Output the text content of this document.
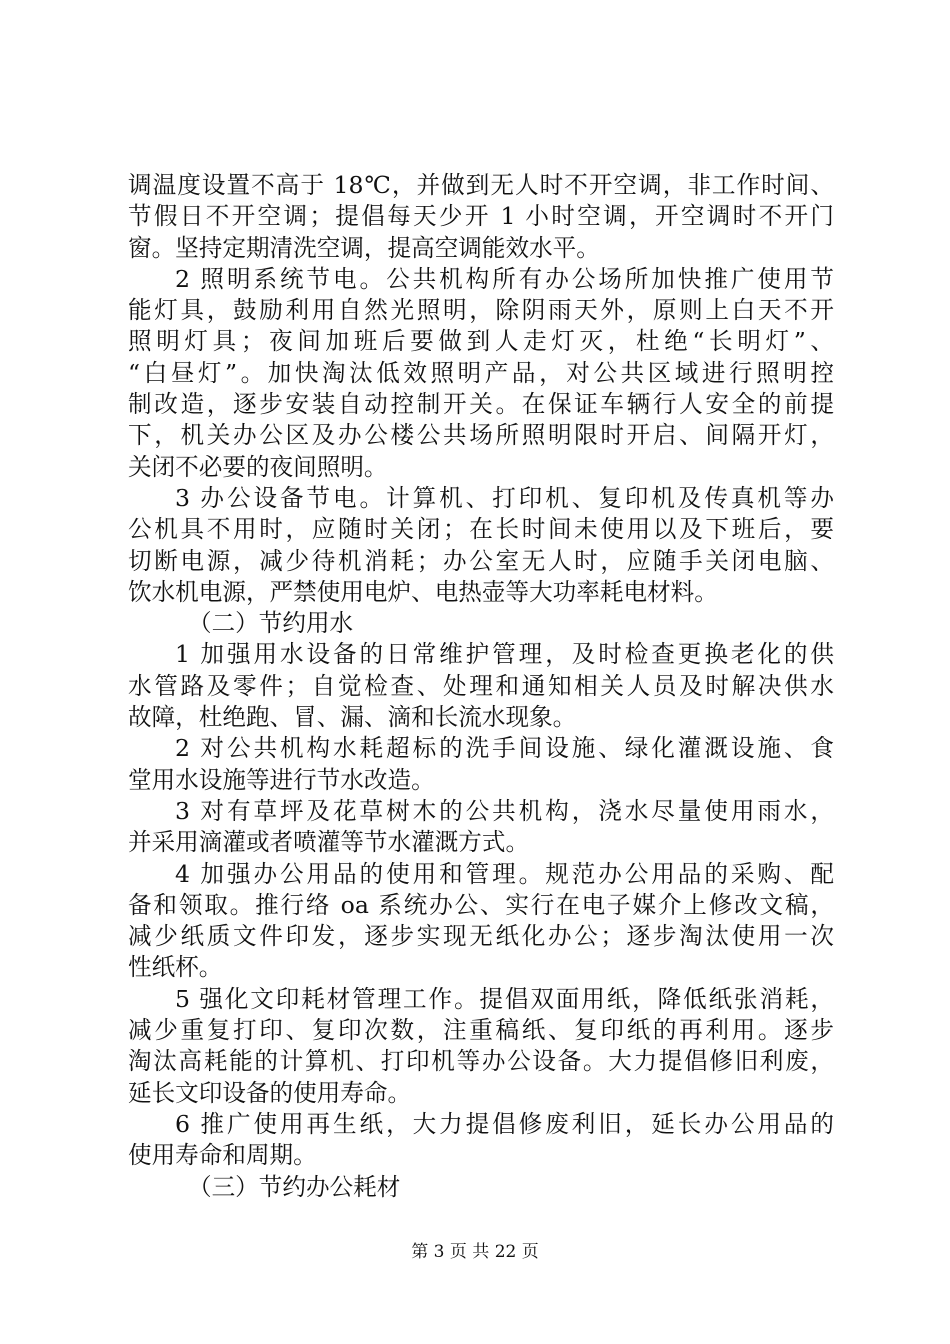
调温度设置不高于 18℃，并做到无人时不开空调，非工作时间、
节假日不开空调；提倡每天少开 1 小时空调，开空调时不开门
窗。坚持定期清洗空调，提高空调能效水平。
2 照明系统节电。公共机构所有办公场所加快推广使用节
能灯具，鼓励利用自然光照明，除阴雨天外，原则上白天不开
照明灯具；夜间加班后要做到人走灯灭，杜绝“长明灯”、
“白昼灯”。加快淘汰低效照明产品，对公共区域进行照明控
制改造，逐步安装自动控制开关。在保证车辆行人安全的前提
下，机关办公区及办公楼公共场所照明限时开启、间隔开灯，
关闭不必要的夜间照明。
3 办公设备节电。计算机、打印机、复印机及传真机等办
公机具不用时，应随时关闭；在长时间未使用以及下班后，要
切断电源，减少待机消耗；办公室无人时，应随手关闭电脑、
饮水机电源，严禁使用电炉、电热壶等大功率耗电材料。
（二）节约用水
1 加强用水设备的日常维护管理，及时检查更换老化的供
水管路及零件；自觉检查、处理和通知相关人员及时解决供水
故障，杜绝跑、冒、漏、滴和长流水现象。
2 对公共机构水耗超标的洗手间设施、绿化灌溉设施、食
堂用水设施等进行节水改造。
3 对有草坪及花草树木的公共机构，浇水尽量使用雨水，
并采用滴灌或者喷灌等节水灌溉方式。
4 加强办公用品的使用和管理。规范办公用品的采购、配
备和领取。推行络 oa 系统办公、实行在电子媒介上修改文稿，
减少纸质文件印发，逐步实现无纸化办公；逐步淘汰使用一次
性纸杯。
5 强化文印耗材管理工作。提倡双面用纸，降低纸张消耗，
减少重复打印、复印次数，注重稿纸、复印纸的再利用。逐步
淘汰高耗能的计算机、打印机等办公设备。大力提倡修旧利废，
延长文印设备的使用寿命。
6 推广使用再生纸，大力提倡修废利旧，延长办公用品的
使用寿命和周期。
（三）节约办公耗材
第 3 页 共 22 页
